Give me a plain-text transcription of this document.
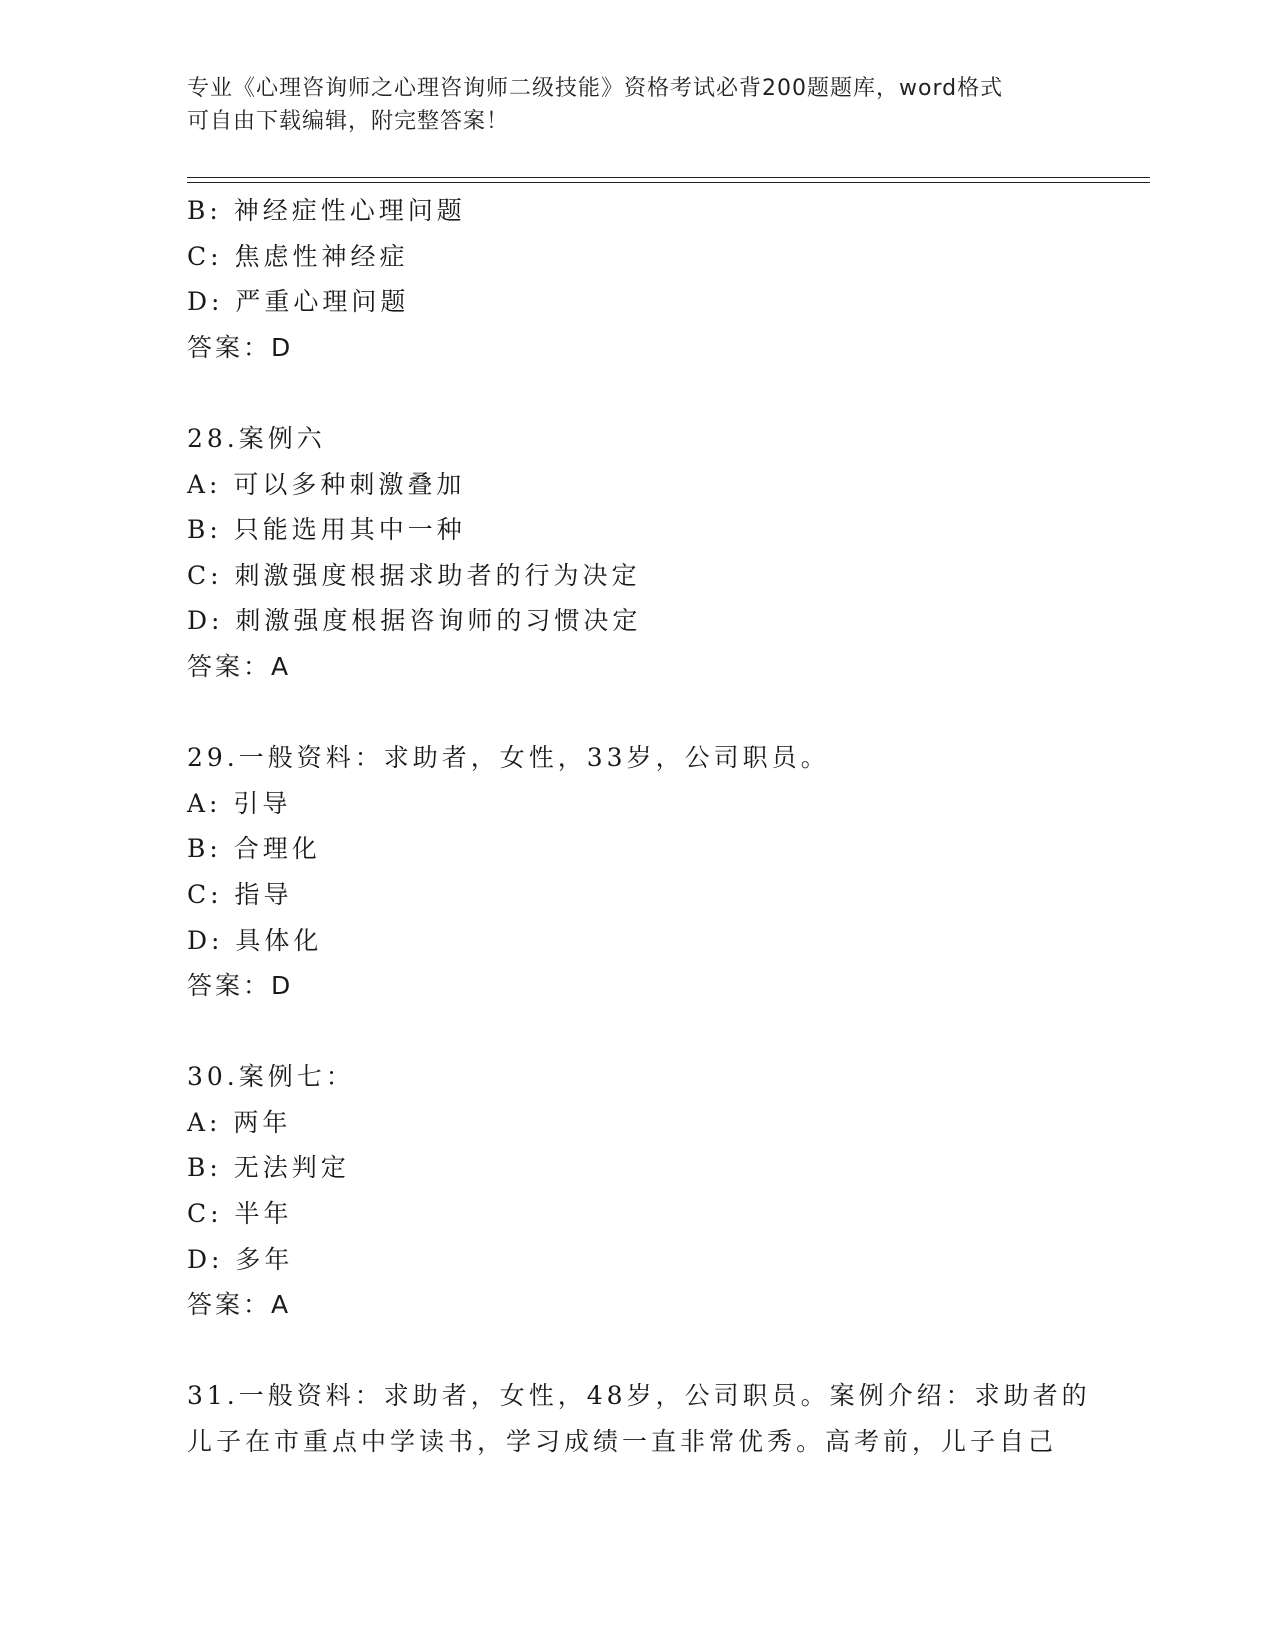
专业《心理咨询师之心理咨询师二级技能》资格考试必背200题题库，word格式
可自由下载编辑，附完整答案！
B: 神经症性心理问题
C: 焦虑性神经症
D: 严重心理问题
答案：D
28.案例六
A: 可以多种刺激叠加
B: 只能选用其中一种
C: 刺激强度根据求助者的行为决定
D: 刺激强度根据咨询师的习惯决定
答案：A
29.一般资料：求助者，女性，33岁，公司职员。
A: 引导
B: 合理化
C: 指导
D: 具体化
答案：D
30.案例七：
A: 两年
B: 无法判定
C: 半年
D: 多年
答案：A
31.一般资料：求助者，女性，48岁，公司职员。案例介绍：求助者的
儿子在市重点中学读书，学习成绩一直非常优秀。高考前，儿子自己
